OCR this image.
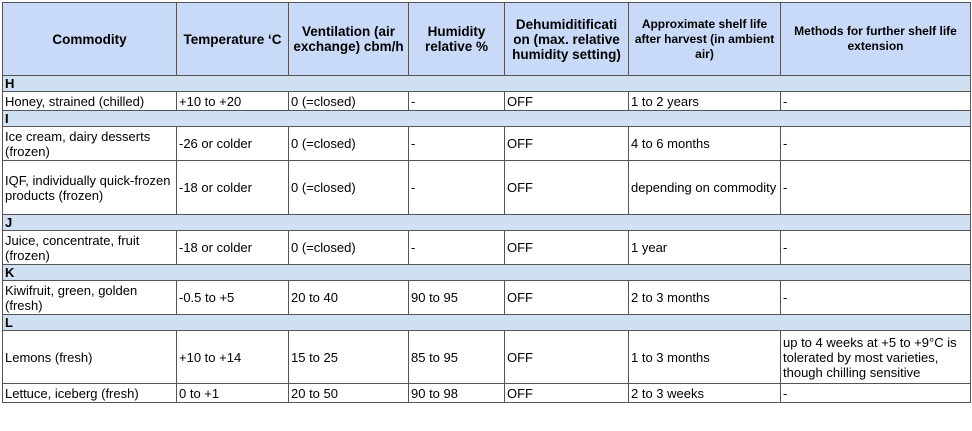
Commodity	Temperature ʻC	Ventilation (air exchange) cbm/h	Humidity relative %	Dehumiditificati on (max. relative humidity setting)	Approximate shelf life after harvest (in ambient air)	Methods for further shelf life extension
H						
Honey, strained (chilled)	+10 to +20	0 (=closed)	-	OFF	1 to 2 years	-
I						
Ice cream, dairy desserts (frozen)	-26 or colder	0 (=closed)	-	OFF	4 to 6 months	-
IQF, individually quick-frozen products (frozen)	-18 or colder	0 (=closed)	-	OFF	depending on commodity	-
J						
Juice, concentrate, fruit (frozen)	-18 or colder	0 (=closed)	-	OFF	1 year	-
K						
Kiwifruit, green, golden (fresh)	-0.5 to +5	20 to 40	90 to 95	OFF	2 to 3 months	-
L						
Lemons (fresh)	+10 to +14	15 to 25	85 to 95	OFF	1 to 3 months	up to 4 weeks at +5 to +9°C is tolerated by most varieties, though chilling sensitive
Lettuce, iceberg (fresh)	0 to +1	20 to 50	90 to 98	OFF	2 to 3 weeks	-
